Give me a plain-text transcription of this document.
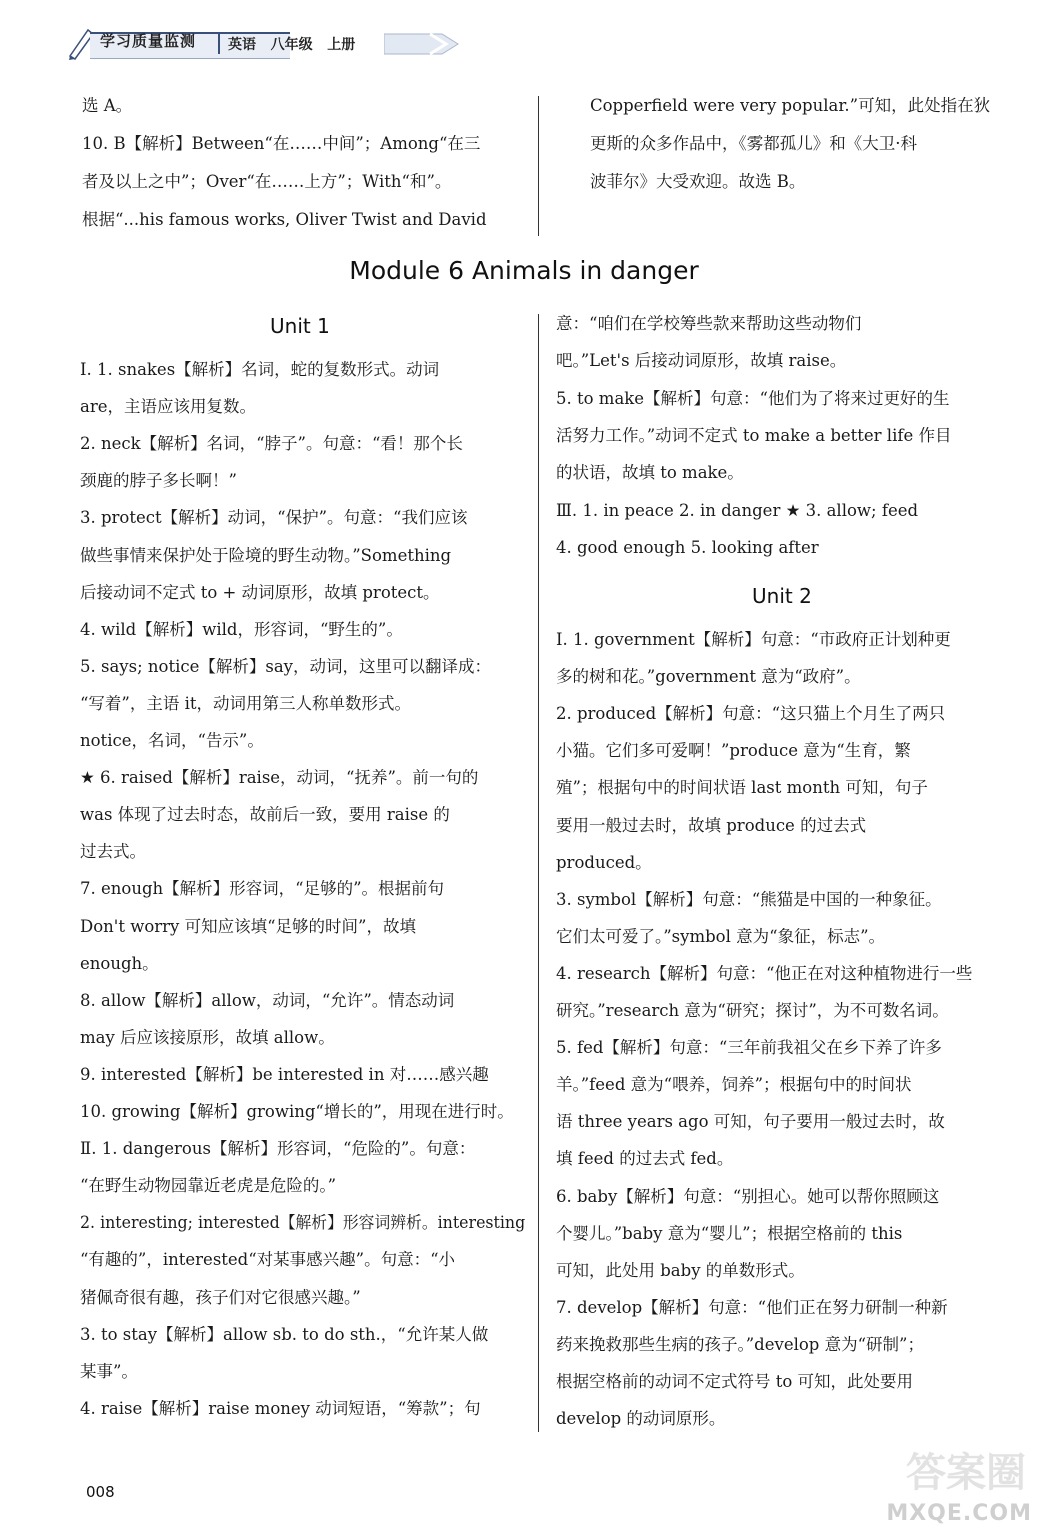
学习质量监测 英语 八年级 上册
选 A。
10. B【解析】Between“在……中间”；Among“在三
者及以上之中”；Over“在……上方”；With“和”。
根据“...his famous works, Oliver Twist and David
Copperfield were very popular.”可知，此处指在狄
更斯的众多作品中，《雾都孤儿》和《大卫·科
波菲尔》大受欢迎。故选 B。
Module 6 Animals in danger
Unit 1
Ⅰ. 1. snakes【解析】名词，蛇的复数形式。动词
are，主语应该用复数。
2. neck【解析】名词，“脖子”。句意：“看！那个长
颈鹿的脖子多长啊！”
3. protect【解析】动词，“保护”。句意：“我们应该
做些事情来保护处于险境的野生动物。”Something
后接动词不定式 to + 动词原形，故填 protect。
4. wild【解析】wild，形容词，“野生的”。
5. says; notice【解析】say，动词，这里可以翻译成：
“写着”，主语 it，动词用第三人称单数形式。
notice，名词，“告示”。
★ 6. raised【解析】raise，动词，“抚养”。前一句的
was 体现了过去时态，故前后一致，要用 raise 的
过去式。
7. enough【解析】形容词，“足够的”。根据前句
Don't worry 可知应该填“足够的时间”，故填
enough。
8. allow【解析】allow，动词，“允许”。情态动词
may 后应该接原形，故填 allow。
9. interested【解析】be interested in 对……感兴趣
10. growing【解析】growing“增长的”，用现在进行时。
Ⅱ. 1. dangerous【解析】形容词，“危险的”。句意：
“在野生动物园靠近老虎是危险的。”
2. interesting; interested【解析】形容词辨析。interesting
“有趣的”，interested“对某事感兴趣”。句意：“小
猪佩奇很有趣，孩子们对它很感兴趣。”
3. to stay【解析】allow sb. to do sth.，“允许某人做
某事”。
4. raise【解析】raise money 动词短语，“筹款”；句
意：“咱们在学校筹些款来帮助这些动物们
吧。”Let's 后接动词原形，故填 raise。
5. to make【解析】句意：“他们为了将来过更好的生
活努力工作。”动词不定式 to make a better life 作目
的状语，故填 to make。
Ⅲ. 1. in peace 2. in danger ★ 3. allow; feed
4. good enough 5. looking after
Ⅰ. 1. government【解析】句意：“市政府正计划种更
多的树和花。”government 意为“政府”。
2. produced【解析】句意：“这只猫上个月生了两只
小猫。它们多可爱啊！”produce 意为“生育，繁
殖”；根据句中的时间状语 last month 可知，句子
要用一般过去时，故填 produce 的过去式
produced。
3. symbol【解析】句意：“熊猫是中国的一种象征。
它们太可爱了。”symbol 意为“象征，标志”。
4. research【解析】句意：“他正在对这种植物进行一些
研究。”research 意为“研究；探讨”，为不可数名词。
5. fed【解析】句意：“三年前我祖父在乡下养了许多
羊。”feed 意为“喂养，饲养”；根据句中的时间状
语 three years ago 可知，句子要用一般过去时，故
填 feed 的过去式 fed。
6. baby【解析】句意：“别担心。她可以帮你照顾这
个婴儿。”baby 意为“婴儿”；根据空格前的 this
可知，此处用 baby 的单数形式。
7. develop【解析】句意：“他们正在努力研制一种新
药来挽救那些生病的孩子。”develop 意为“研制”；
根据空格前的动词不定式符号 to 可知，此处要用
develop 的动词原形。
Unit 2
008	答案圈
MXQE.COM
